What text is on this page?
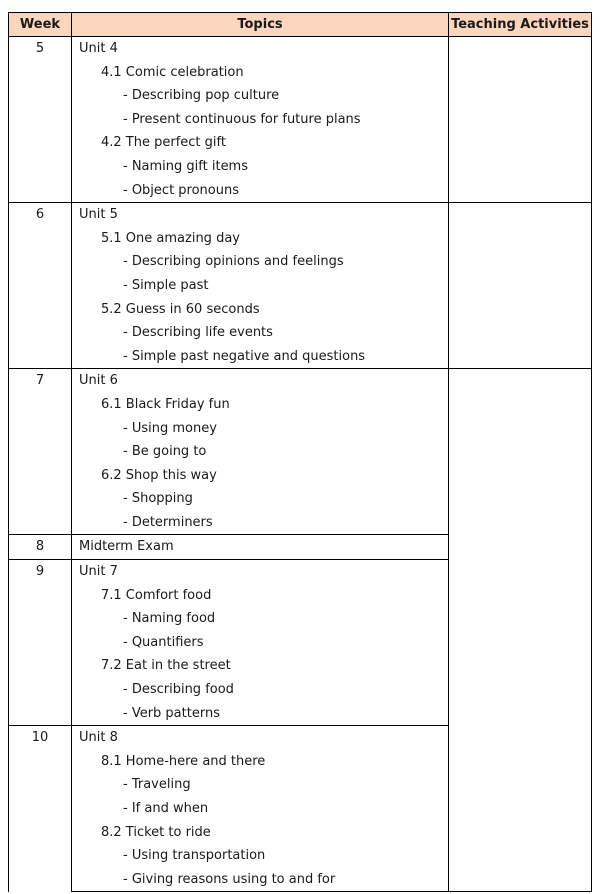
Week	Topics	Teaching Activities
5	Unit 4	

	4.1 Comic celebration	

	- Describing pop culture	

	- Present continuous for future plans	

	4.2 The perfect gift	

	- Naming gift items	

	- Object pronouns	

6	Unit 5	

	5.1 One amazing day	

	- Describing opinions and feelings	

	- Simple past	

	5.2 Guess in 60 seconds	

	- Describing life events	

	- Simple past negative and questions	

7	Unit 6	

	6.1 Black Friday fun	

	- Using money	

	- Be going to	

	6.2 Shop this way	

	- Shopping	

	- Determiners	

8	Midterm Exam	

9	Unit 7	

	7.1 Comfort food	

	- Naming food	

	- Quantifiers	

	7.2 Eat in the street	

	- Describing food	

	- Verb patterns	

10	Unit 8	

	8.1 Home-here and there	

	- Traveling	

	- If and when	

	8.2 Ticket to ride	

	- Using transportation	

	- Giving reasons using to and for	
